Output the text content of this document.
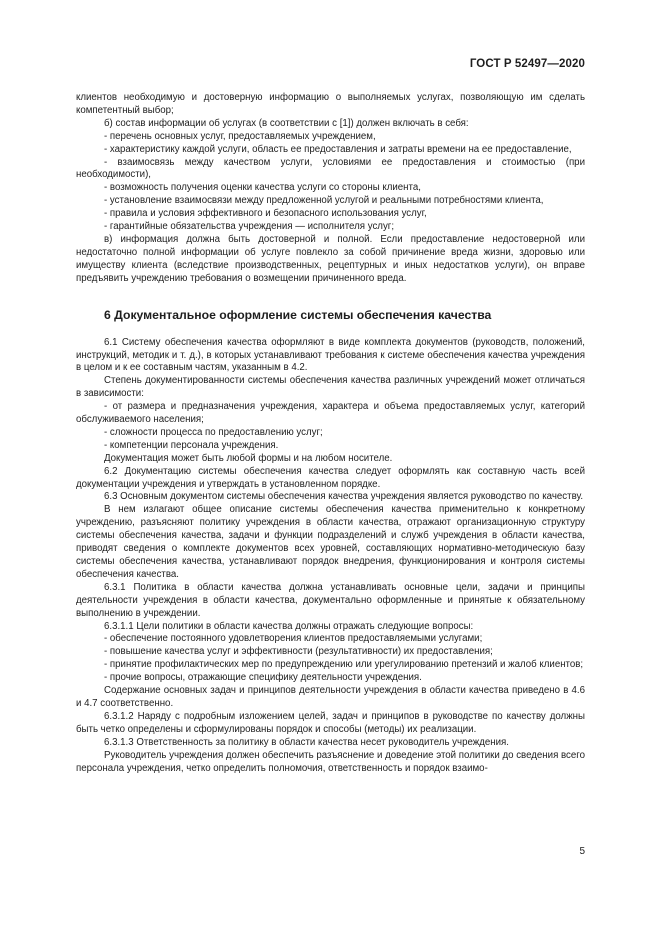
ГОСТ Р 52497—2020

клиентов необходимую и достоверную информацию о выполняемых услугах, позволяющую им сделать компетентный выбор;

б) состав информации об услугах (в соответствии с [1]) должен включать в себя:

- перечень основных услуг, предоставляемых учреждением,

- характеристику каждой услуги, область ее предоставления и затраты времени на ее предоставление,

- взаимосвязь между качеством услуги, условиями ее предоставления и стоимостью (при необходимости),

- возможность получения оценки качества услуги со стороны клиента,

- установление взаимосвязи между предложенной услугой и реальными потребностями клиента,

- правила и условия эффективного и безопасного использования услуг,

- гарантийные обязательства учреждения — исполнителя услуг;

в) информация должна быть достоверной и полной. Если предоставление недостоверной или недостаточно полной информации об услуге повлекло за собой причинение вреда жизни, здоровью или имуществу клиента (вследствие производственных, рецептурных и иных недостатков услуги), он вправе предъявить учреждению требования о возмещении причиненного вреда.

6 Документальное оформление системы обеспечения качества

6.1 Систему обеспечения качества оформляют в виде комплекта документов (руководств, положений, инструкций, методик и т. д.), в которых устанавливают требования к системе обеспечения качества учреждения в целом и к ее составным частям, указанным в 4.2.

Степень документированности системы обеспечения качества различных учреждений может отличаться в зависимости:

- от размера и предназначения учреждения, характера и объема предоставляемых услуг, категорий обслуживаемого населения;

- сложности процесса по предоставлению услуг;

- компетенции персонала учреждения.

Документация может быть любой формы и на любом носителе.

6.2 Документацию системы обеспечения качества следует оформлять как составную часть всей документации учреждения и утверждать в установленном порядке.

6.3 Основным документом системы обеспечения качества учреждения является руководство по качеству.

В нем излагают общее описание системы обеспечения качества применительно к конкретному учреждению, разъясняют политику учреждения в области качества, отражают организационную структуру системы обеспечения качества, задачи и функции подразделений и служб учреждения в области качества, приводят сведения о комплекте документов всех уровней, составляющих нормативно-методическую базу системы обеспечения качества, устанавливают порядок внедрения, функционирования и контроля системы обеспечения качества.

6.3.1 Политика в области качества должна устанавливать основные цели, задачи и принципы деятельности учреждения в области качества, документально оформленные и принятые к обязательному выполнению в учреждении.

6.3.1.1 Цели политики в области качества должны отражать следующие вопросы:

- обеспечение постоянного удовлетворения клиентов предоставляемыми услугами;

- повышение качества услуг и эффективности (результативности) их предоставления;

- принятие профилактических мер по предупреждению или урегулированию претензий и жалоб клиентов;

- прочие вопросы, отражающие специфику деятельности учреждения.

Содержание основных задач и принципов деятельности учреждения в области качества приведено в 4.6 и 4.7 соответственно.

6.3.1.2 Наряду с подробным изложением целей, задач и принципов в руководстве по качеству должны быть четко определены и сформулированы порядок и способы (методы) их реализации.

6.3.1.3 Ответственность за политику в области качества несет руководитель учреждения.

Руководитель учреждения должен обеспечить разъяснение и доведение этой политики до сведения всего персонала учреждения, четко определить полномочия, ответственность и порядок взаимо-

5
